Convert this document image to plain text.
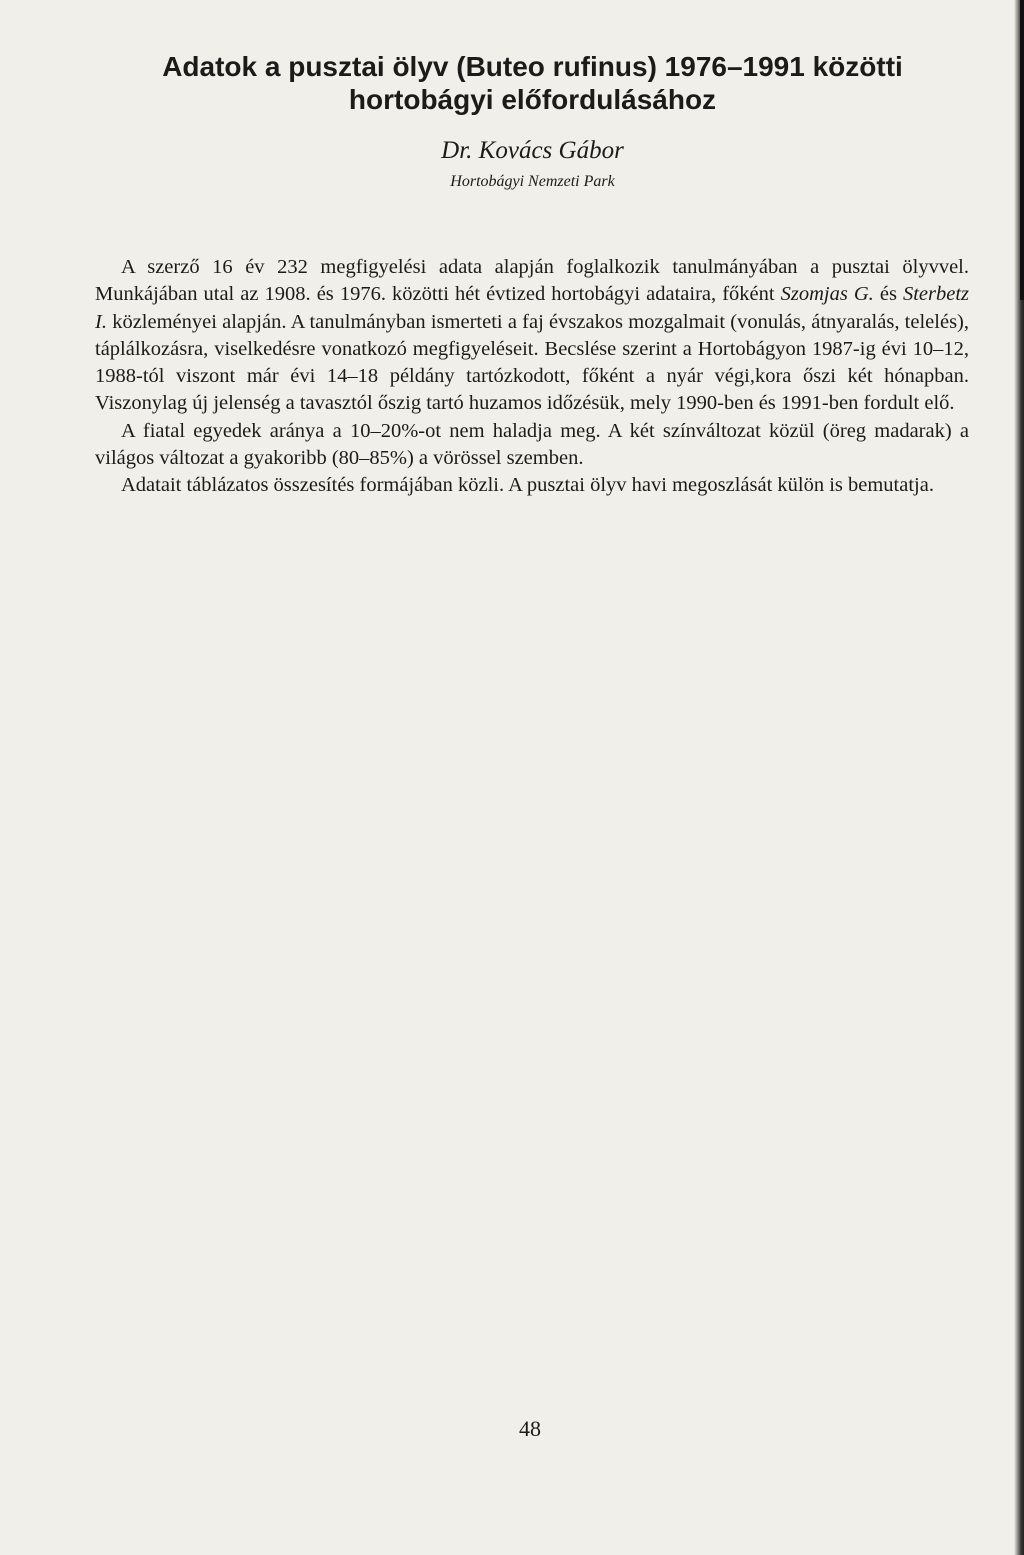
Adatok a pusztai ölyv (Buteo rufinus) 1976–1991 közötti
hortobágyi előfordulásához
Dr. Kovács Gábor
Hortobágyi Nemzeti Park

A szerző 16 év 232 megfigyelési adata alapján foglalkozik tanulmányában a pusztai ölyvvel. Munkájában utal az 1908. és 1976. közötti hét évtized hortobágyi adataira, főként Szomjas G. és Sterbetz I. közleményei alapján. A tanulmányban ismerteti a faj évszakos mozgalmait (vonulás, átnyaralás, telelés), táplálkozásra, viselkedésre vonatkozó megfigyeléseit. Becslése szerint a Hortobágyon 1987-ig évi 10–12, 1988-tól viszont már évi 14–18 példány tartózkodott, főként a nyár végi,kora őszi két hónapban. Viszonylag új jelenség a tavasztól őszig tartó huzamos időzésük, mely 1990-ben és 1991-ben fordult elő.

A fiatal egyedek aránya a 10–20%-ot nem haladja meg. A két színváltozat közül (öreg madarak) a világos változat a gyakoribb (80–85%) a vörössel szemben.

Adatait táblázatos összesítés formájában közli. A pusztai ölyv havi megoszlását külön is bemutatja.

48
